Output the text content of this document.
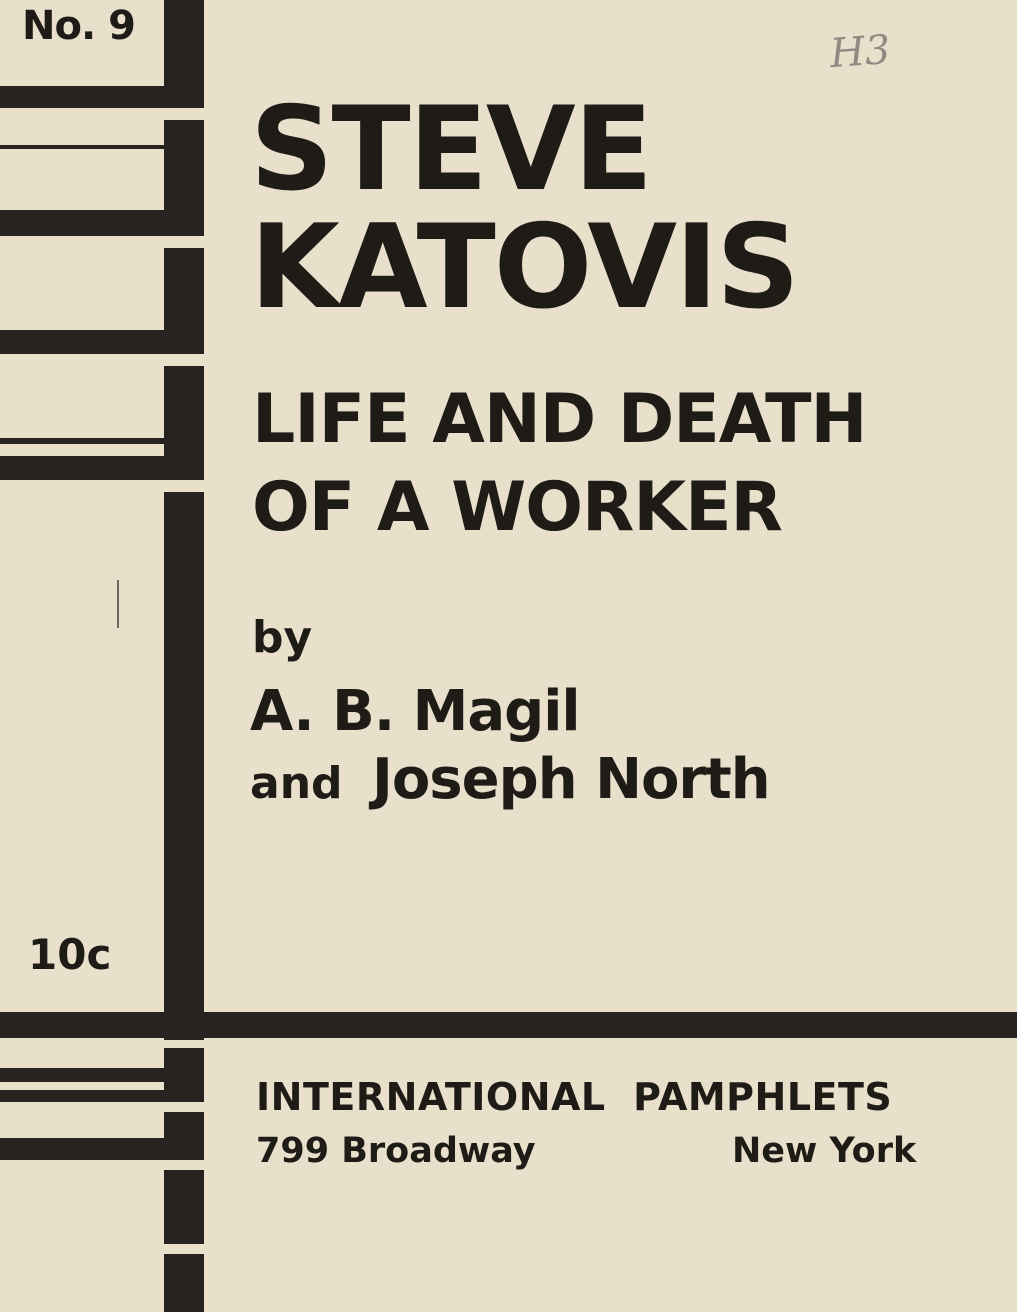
No. 9
H3
STEVE
KATOVIS
LIFE AND DEATH
OF A WORKER
by
A. B. Magil
and Joseph North
10c
INTERNATIONAL  PAMPHLETS
799 Broadway	New York
